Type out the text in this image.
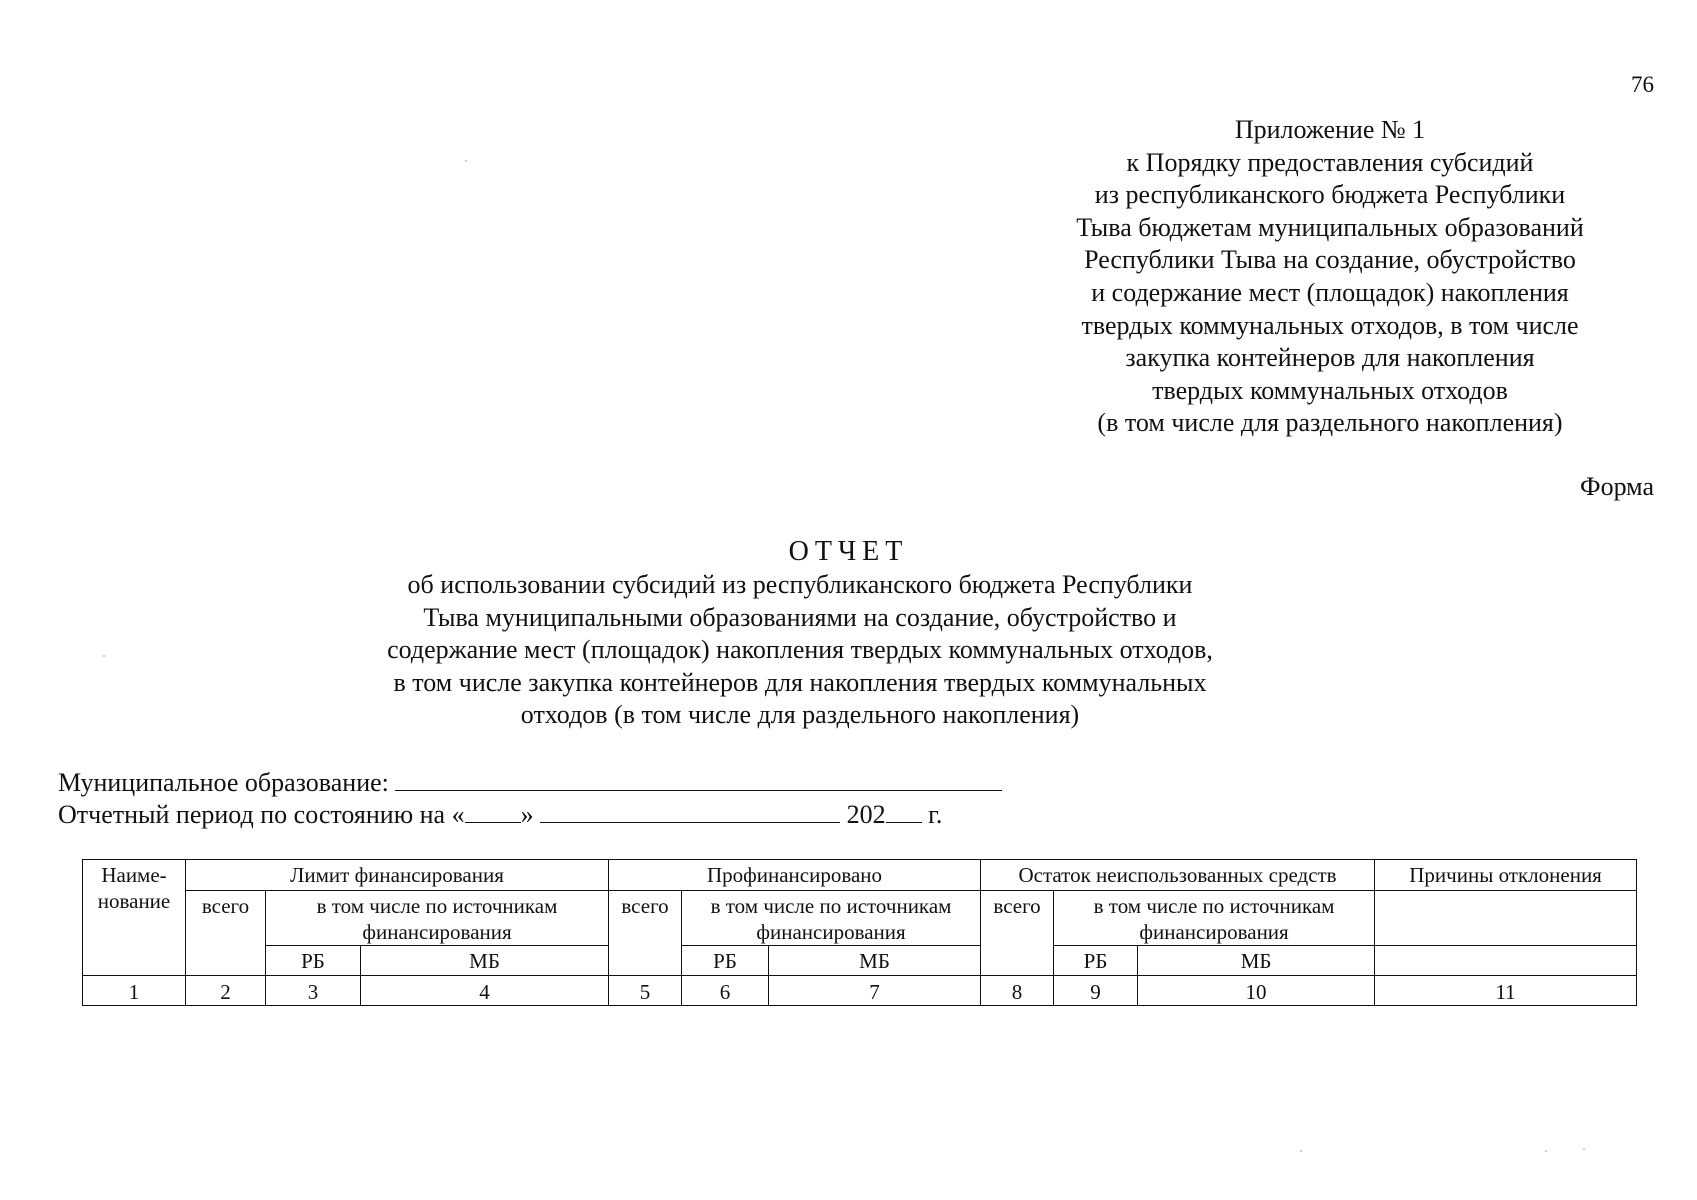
76
Приложение № 1
к Порядку предоставления субсидий
из республиканского бюджета Республики
Тыва бюджетам муниципальных образований
Республики Тыва на создание, обустройство
и содержание мест (площадок) накопления
твердых коммунальных отходов, в том числе
закупка контейнеров для накопления
твердых коммунальных отходов
(в том числе для раздельного накопления)
Форма
ОТЧЕТ
об использовании субсидий из республиканского бюджета Республики
Тыва муниципальными образованиями на создание, обустройство и
содержание мест (площадок) накопления твердых коммунальных отходов,
в том числе закупка контейнеров для накопления твердых коммунальных
отходов (в том числе для раздельного накопления)
Муниципальное образование:
Отчетный период по состоянию на « »	202 г.
Наиме-нование	Лимит финансирования			Профинансировано			Остаток неиспользованных средств			Причины отклонения
	всего	в том числе по источникам финансирования		всего	в том числе по источникам финансирования		всего	в том числе по источникам финансирования		
		РБ	МБ		РБ	МБ		РБ	МБ	
1	2	3	4	5	6	7	8	9	10	11
